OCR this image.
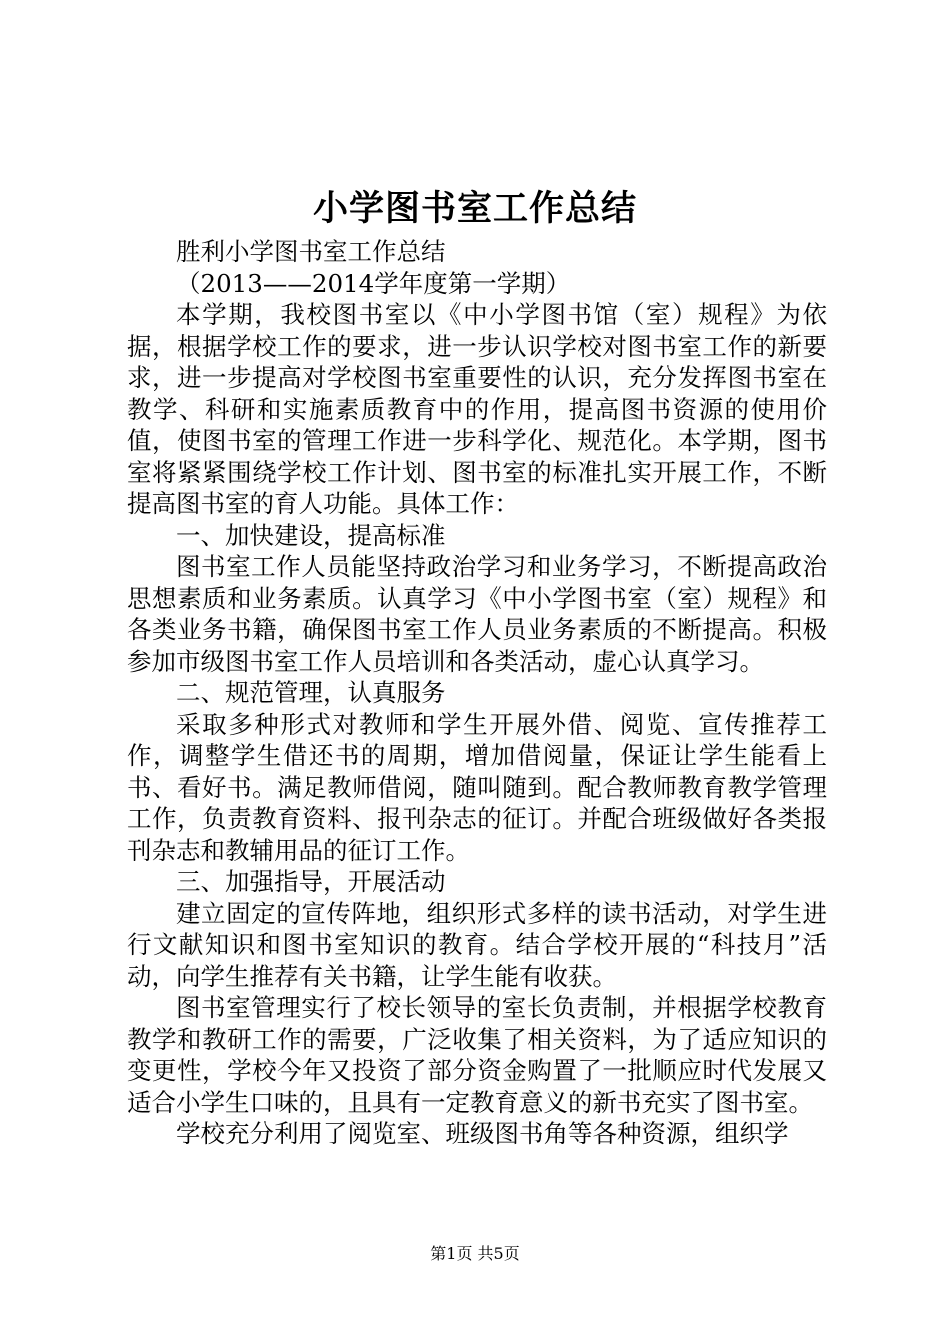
小学图书室工作总结

胜利小学图书室工作总结

（2013——2014学年度第一学期）

本学期，我校图书室以《中小学图书馆（室）规程》为依据，根据学校工作的要求，进一步认识学校对图书室工作的新要求，进一步提高对学校图书室重要性的认识，充分发挥图书室在教学、科研和实施素质教育中的作用，提高图书资源的使用价值，使图书室的管理工作进一步科学化、规范化。本学期，图书室将紧紧围绕学校工作计划、图书室的标准扎实开展工作，不断提高图书室的育人功能。具体工作：

一、加快建设，提高标准

图书室工作人员能坚持政治学习和业务学习，不断提高政治思想素质和业务素质。认真学习《中小学图书室（室）规程》和各类业务书籍，确保图书室工作人员业务素质的不断提高。积极参加市级图书室工作人员培训和各类活动，虚心认真学习。

二、规范管理，认真服务

采取多种形式对教师和学生开展外借、阅览、宣传推荐工作，调整学生借还书的周期，增加借阅量，保证让学生能看上书、看好书。满足教师借阅，随叫随到。配合教师教育教学管理工作，负责教育资料、报刊杂志的征订。并配合班级做好各类报刊杂志和教辅用品的征订工作。

三、加强指导，开展活动

建立固定的宣传阵地，组织形式多样的读书活动，对学生进行文献知识和图书室知识的教育。结合学校开展的“科技月”活动，向学生推荐有关书籍，让学生能有收获。

图书室管理实行了校长领导的室长负责制，并根据学校教育教学和教研工作的需要，广泛收集了相关资料，为了适应知识的变更性，学校今年又投资了部分资金购置了一批顺应时代发展又适合小学生口味的，且具有一定教育意义的新书充实了图书室。

学校充分利用了阅览室、班级图书角等各种资源，组织学

第1页 共5页
